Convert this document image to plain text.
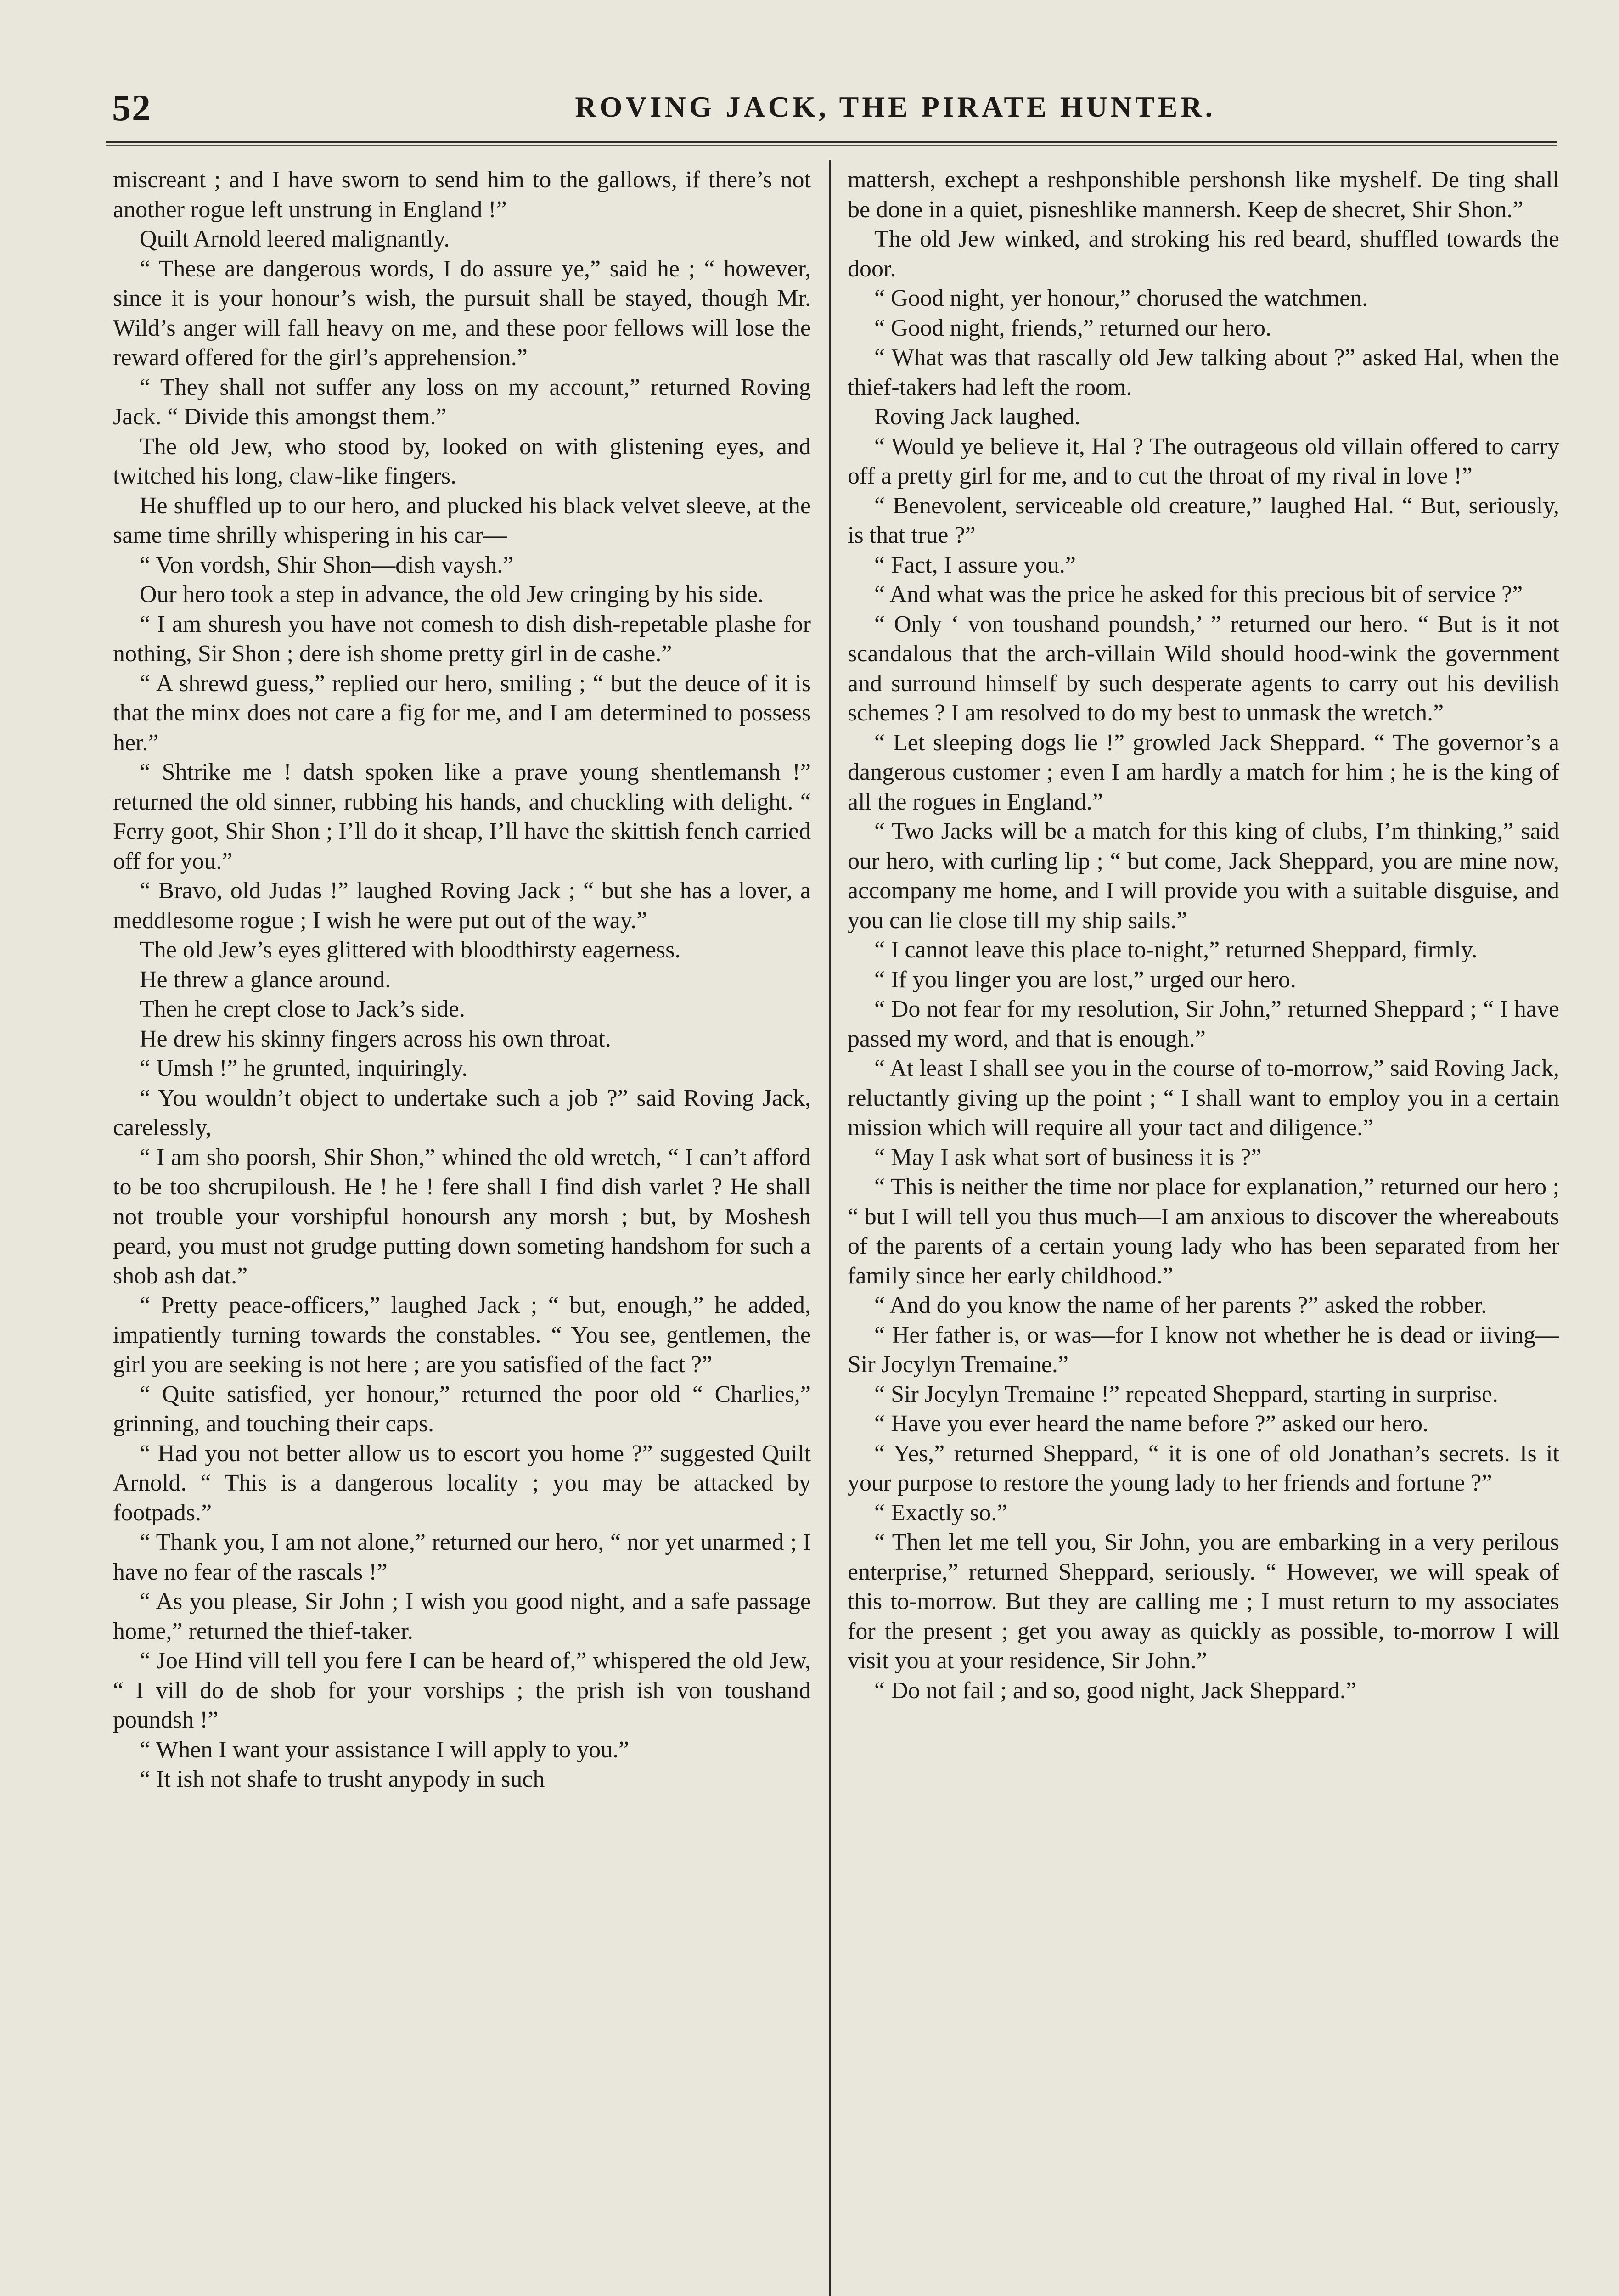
52	ROVING JACK, THE PIRATE HUNTER.

miscreant ; and I have sworn to send him to the gallows, if there’s not another rogue left unstrung in England !”

Quilt Arnold leered malignantly.

“ These are dangerous words, I do assure ye,” said he ; “ however, since it is your honour’s wish, the pursuit shall be stayed, though Mr. Wild’s anger will fall heavy on me, and these poor fellows will lose the reward offered for the girl’s apprehension.”

“ They shall not suffer any loss on my account,” returned Roving Jack. “ Divide this amongst them.”

The old Jew, who stood by, looked on with glistening eyes, and twitched his long, claw-like fingers.

He shuffled up to our hero, and plucked his black velvet sleeve, at the same time shrilly whispering in his car—

“ Von vordsh, Shir Shon—dish vaysh.”

Our hero took a step in advance, the old Jew cringing by his side.

“ I am shuresh you have not comesh to dish dish-repetable plashe for nothing, Sir Shon ; dere ish shome pretty girl in de cashe.”

“ A shrewd guess,” replied our hero, smiling ; “ but the deuce of it is that the minx does not care a fig for me, and I am determined to possess her.”

“ Shtrike me ! datsh spoken like a prave young shentlemansh !” returned the old sinner, rubbing his hands, and chuckling with delight. “ Ferry goot, Shir Shon ; I’ll do it sheap, I’ll have the skittish fench carried off for you.”

“ Bravo, old Judas !” laughed Roving Jack ; “ but she has a lover, a meddlesome rogue ; I wish he were put out of the way.”

The old Jew’s eyes glittered with bloodthirsty eagerness.

He threw a glance around.

Then he crept close to Jack’s side.

He drew his skinny fingers across his own throat.

“ Umsh !” he grunted, inquiringly.

“ You wouldn’t object to undertake such a job ?” said Roving Jack, carelessly,

“ I am sho poorsh, Shir Shon,” whined the old wretch, “ I can’t afford to be too shcrupiloush. He ! he ! fere shall I find dish varlet ? He shall not trouble your vorshipful honoursh any morsh ; but, by Moshesh peard, you must not grudge putting down someting handshom for such a shob ash dat.”

“ Pretty peace-officers,” laughed Jack ; “ but, enough,” he added, impatiently turning towards the constables. “ You see, gentlemen, the girl you are seeking is not here ; are you satisfied of the fact ?”

“ Quite satisfied, yer honour,” returned the poor old “ Charlies,” grinning, and touching their caps.

“ Had you not better allow us to escort you home ?” suggested Quilt Arnold. “ This is a dangerous locality ; you may be attacked by footpads.”

“ Thank you, I am not alone,” returned our hero, “ nor yet unarmed ; I have no fear of the rascals !”

“ As you please, Sir John ; I wish you good night, and a safe passage home,” returned the thief-taker.

“ Joe Hind vill tell you fere I can be heard of,” whispered the old Jew, “ I vill do de shob for your vorships ; the prish ish von toushand poundsh !”

“ When I want your assistance I will apply to you.”

“ It ish not shafe to trusht anypody in such

mattersh, exchept a reshponshible pershonsh like myshelf. De ting shall be done in a quiet, pisneshlike mannersh. Keep de shecret, Shir Shon.”

The old Jew winked, and stroking his red beard, shuffled towards the door.

“ Good night, yer honour,” chorused the watchmen.

“ Good night, friends,” returned our hero.

“ What was that rascally old Jew talking about ?” asked Hal, when the thief-takers had left the room.

Roving Jack laughed.

“ Would ye believe it, Hal ? The outrageous old villain offered to carry off a pretty girl for me, and to cut the throat of my rival in love !”

“ Benevolent, serviceable old creature,” laughed Hal. “ But, seriously, is that true ?”

“ Fact, I assure you.”

“ And what was the price he asked for this precious bit of service ?”

“ Only ‘ von toushand poundsh,’ ” returned our hero. “ But is it not scandalous that the arch-villain Wild should hood-wink the government and surround himself by such desperate agents to carry out his devilish schemes ? I am resolved to do my best to unmask the wretch.”

“ Let sleeping dogs lie !” growled Jack Sheppard. “ The governor’s a dangerous customer ; even I am hardly a match for him ; he is the king of all the rogues in England.”

“ Two Jacks will be a match for this king of clubs, I’m thinking,” said our hero, with curling lip ; “ but come, Jack Sheppard, you are mine now, accompany me home, and I will provide you with a suitable disguise, and you can lie close till my ship sails.”

“ I cannot leave this place to-night,” returned Sheppard, firmly.

“ If you linger you are lost,” urged our hero.

“ Do not fear for my resolution, Sir John,” returned Sheppard ; “ I have passed my word, and that is enough.”

“ At least I shall see you in the course of to-morrow,” said Roving Jack, reluctantly giving up the point ; “ I shall want to employ you in a certain mission which will require all your tact and diligence.”

“ May I ask what sort of business it is ?”

“ This is neither the time nor place for explanation,” returned our hero ; “ but I will tell you thus much—I am anxious to discover the whereabouts of the parents of a certain young lady who has been separated from her family since her early childhood.”

“ And do you know the name of her parents ?” asked the robber.

“ Her father is, or was—for I know not whether he is dead or iiving—Sir Jocylyn Tremaine.”

“ Sir Jocylyn Tremaine !” repeated Sheppard, starting in surprise.

“ Have you ever heard the name before ?” asked our hero.

“ Yes,” returned Sheppard, “ it is one of old Jonathan’s secrets. Is it your purpose to restore the young lady to her friends and fortune ?”

“ Exactly so.”

“ Then let me tell you, Sir John, you are embarking in a very perilous enterprise,” returned Sheppard, seriously. “ However, we will speak of this to-morrow. But they are calling me ; I must return to my associates for the present ; get you away as quickly as possible, to-morrow I will visit you at your residence, Sir John.”

“ Do not fail ; and so, good night, Jack Sheppard.”
